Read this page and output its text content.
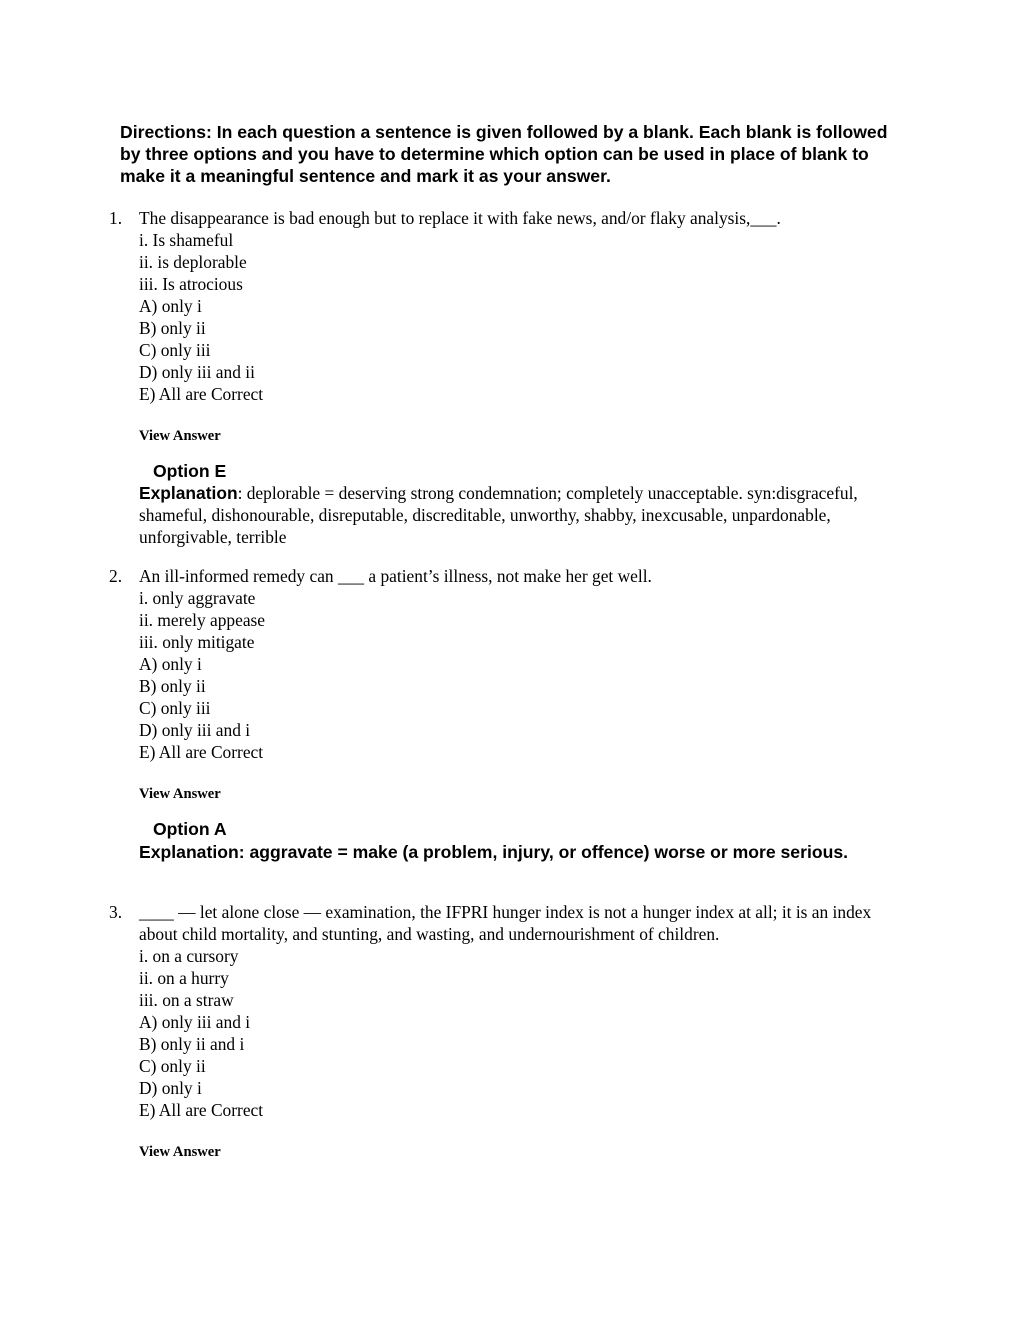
Directions: In each question a sentence is given followed by a blank. Each blank is followed by three options and you have to determine which option can be used in place of blank to make it a meaningful sentence and mark it as your answer.
1. The disappearance is bad enough but to replace it with fake news, and/or flaky analysis,___.
i. Is shameful
ii. is deplorable
iii. Is atrocious
A) only i
B) only ii
C) only iii
D) only iii and ii
E) All are Correct
View Answer
Option E
Explanation: deplorable = deserving strong condemnation; completely unacceptable. syn:disgraceful, shameful, dishonourable, disreputable, discreditable, unworthy, shabby, inexcusable, unpardonable, unforgivable, terrible
2. An ill-informed remedy can ___ a patient’s illness, not make her get well.
i. only aggravate
ii. merely appease
iii. only mitigate
A) only i
B) only ii
C) only iii
D) only iii and i
E) All are Correct
View Answer
Option A
Explanation: aggravate = make (a problem, injury, or offence) worse or more serious.
3. ____ — let alone close — examination, the IFPRI hunger index is not a hunger index at all; it is an index about child mortality, and stunting, and wasting, and undernourishment of children.
i. on a cursory
ii. on a hurry
iii. on a straw
A) only iii and i
B) only ii and i
C) only ii
D) only i
E) All are Correct
View Answer
